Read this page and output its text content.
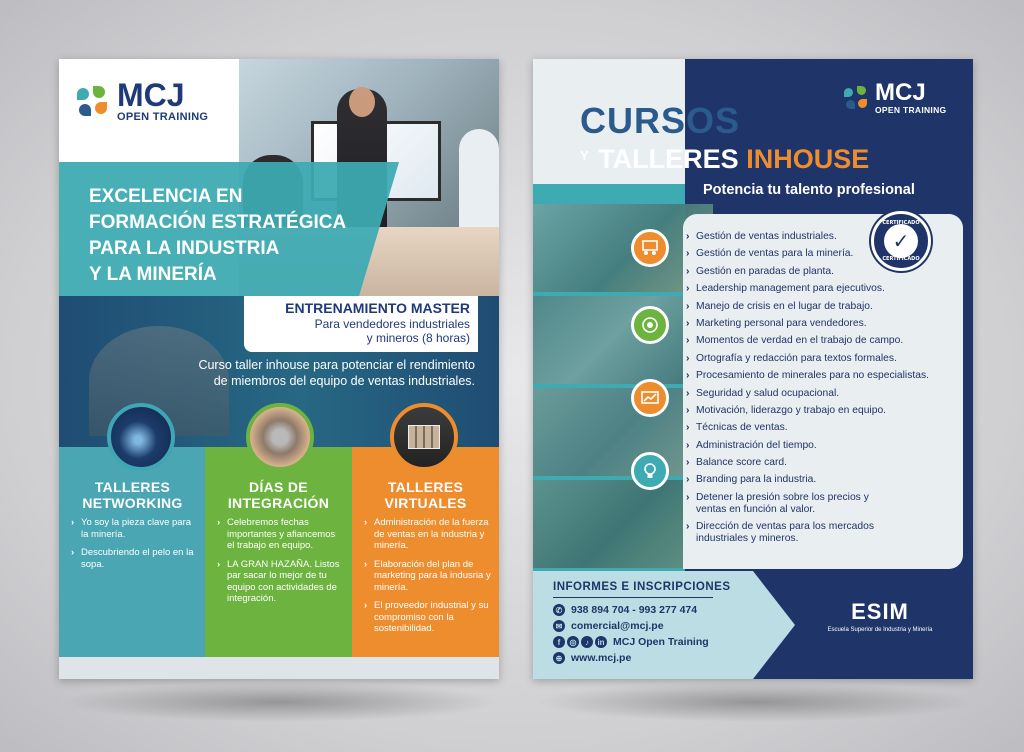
MCJ
OPEN TRAINING
EXCELENCIA EN
FORMACIÓN ESTRATÉGICA
PARA LA INDUSTRIA
Y LA MINERÍA
ENTRENAMIENTO MASTER
Para vendedores industriales
y mineros (8 horas)
Curso taller inhouse para potenciar el rendimiento
de miembros del equipo de ventas industriales.
TALLERES
NETWORKING
› Yo soy la pieza clave para la minería.
› Descubriendo el pelo en la sopa.
DÍAS DE
INTEGRACIÓN
› Celebremos fechas importantes y afiancemos el trabajo en equipo.
› LA GRAN HAZAÑA. Listos par sacar lo mejor de tu equipo con actividades de integración.
TALLERES
VIRTUALES
› Administración de la fuerza de ventas en la industria y minería.
› Elaboración del plan de marketing para la indusria y minería.
› El proveedor industrial y su compromiso con la sostenibilidad.
MCJ
OPEN TRAINING
CURSOS
$^Y$ TALLERES INHOUSE
Potencia tu talento profesional
CERTIFICADO
✓
CERTIFICADO
› Gestión de ventas industriales.
› Gestión de ventas para la minería.
› Gestión en paradas de planta.
› Leadership management para ejecutivos.
› Manejo de crisis en el lugar de trabajo.
› Marketing personal para vendedores.
› Momentos de verdad en el trabajo de campo.
› Ortografía y redacción para textos formales.
› Procesamiento de minerales para no especialistas.
› Seguridad y salud ocupacional.
› Motivación, liderazgo y trabajo en equipo.
› Técnicas de ventas.
› Administración del tiempo.
› Balance score card.
› Branding para la industria.
› Detener la presión sobre los precios y ventas en función al valor.
› Dirección de ventas para los mercados industriales y mineros.
INFORMES E INSCRIPCIONES
✆ 938 894 704 - 993 277 474
✉ comercial@mcj.pe
f	◎	♪	in MCJ Open Training
⊕ www.mcj.pe
ESIM
Escuela Superior de Industria y Minería
